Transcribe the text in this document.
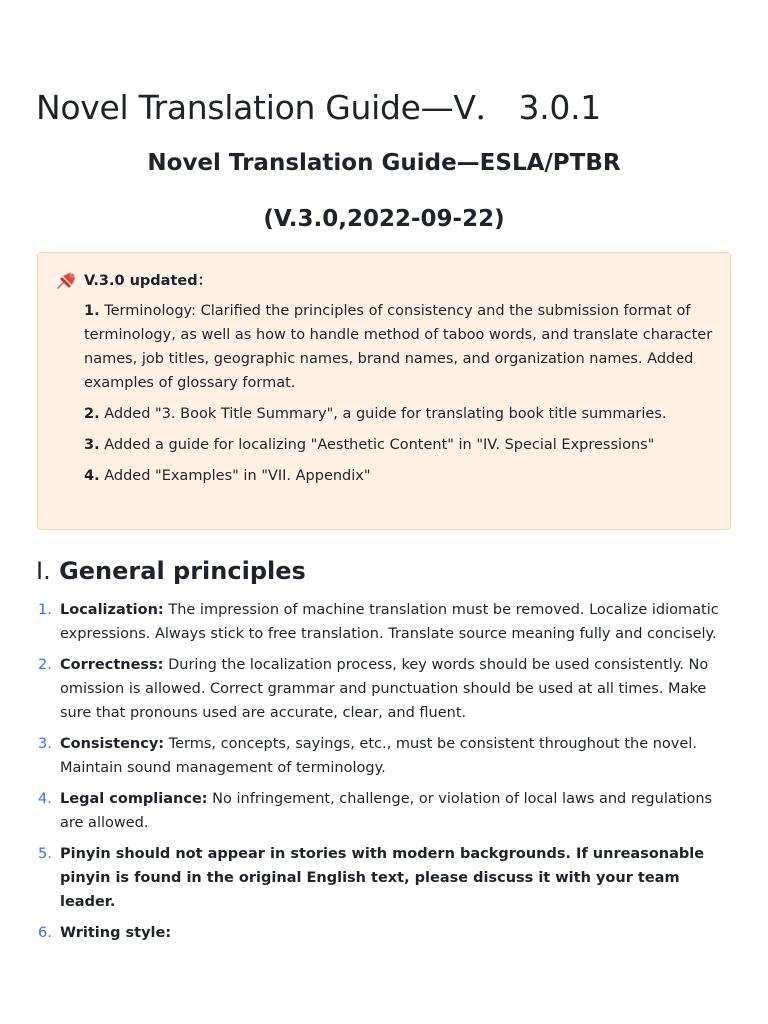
Novel Translation Guide—V． 3.0.1
Novel Translation Guide—ESLA/PTBR
(V.3.0,2022-09-22)
V.3.0 updated：

1. Terminology: Clarified the principles of consistency and the submission format of terminology, as well as how to handle method of taboo words, and translate character names, job titles, geographic names, brand names, and organization names. Added examples of glossary format.

2. Added "3. Book Title Summary", a guide for translating book title summaries.

3. Added a guide for localizing "Aesthetic Content" in "IV. Special Expressions"

4. Added "Examples" in "VII. Appendix"

I. General principles
1. Localization: The impression of machine translation must be removed. Localize idiomatic expressions. Always stick to free translation. Translate source meaning fully and concisely.
2. Correctness: During the localization process, key words should be used consistently. No omission is allowed. Correct grammar and punctuation should be used at all times. Make sure that pronouns used are accurate, clear, and fluent.
3. Consistency: Terms, concepts, sayings, etc., must be consistent throughout the novel. Maintain sound management of terminology.
4. Legal compliance: No infringement, challenge, or violation of local laws and regulations are allowed.
5. Pinyin should not appear in stories with modern backgrounds. If unreasonable pinyin is found in the original English text, please discuss it with your team leader.
6. Writing style:
